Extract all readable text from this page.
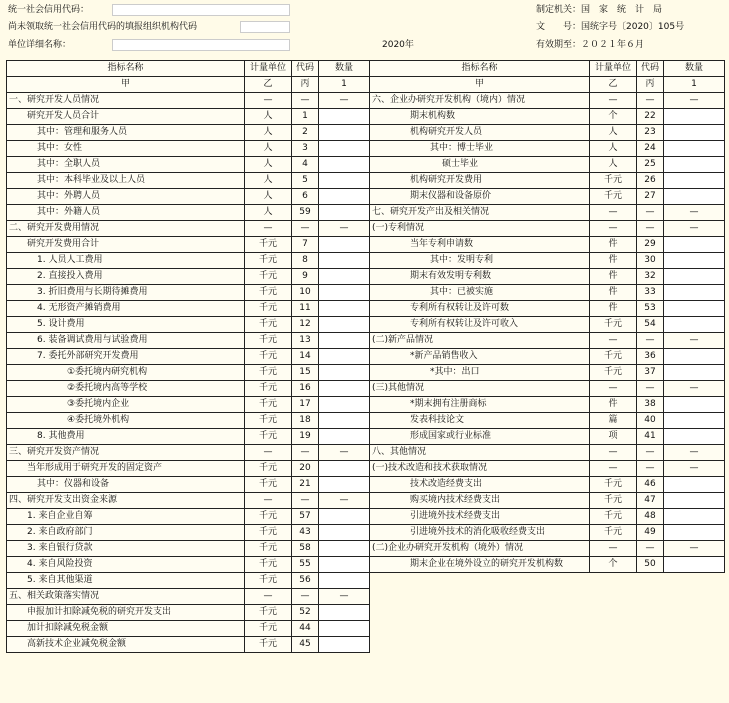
统一社会信用代码：
尚未领取统一社会信用代码的填报组织机构代码
单位详细名称：	2020年
制定机关：国　家　统　计　局
文　　号：国统字号〔2020〕105号
有效期至：２０２１年６月
指标名称	计量单位	代码	数量
甲	乙	丙	1
一、研究开发人员情况	—	—	—
研究开发人员合计	人	1	
其中：管理和服务人员	人	2	
其中：女性	人	3	
其中：全职人员	人	4	
其中：本科毕业及以上人员	人	5	
其中：外聘人员	人	6	
其中：外籍人员	人	59	
二、研究开发费用情况	—	—	—
研究开发费用合计	千元	7	
1. 人员人工费用	千元	8	
2. 直接投入费用	千元	9	
3. 折旧费用与长期待摊费用	千元	10	
4. 无形资产摊销费用	千元	11	
5. 设计费用	千元	12	
6. 装备调试费用与试验费用	千元	13	
7. 委托外部研究开发费用	千元	14	
①委托境内研究机构	千元	15	
②委托境内高等学校	千元	16	
③委托境内企业	千元	17	
④委托境外机构	千元	18	
8. 其他费用	千元	19	
三、研究开发资产情况	—	—	—
当年形成用于研究开发的固定资产	千元	20	
其中：仪器和设备	千元	21	
四、研究开发支出资金来源	—	—	—
1. 来自企业自筹	千元	57	
2. 来自政府部门	千元	43	
3. 来自银行贷款	千元	58	
4. 来自风险投资	千元	55	
5. 来自其他渠道	千元	56	
五、相关政策落实情况	—	—	—
申报加计扣除减免税的研究开发支出	千元	52	
加计扣除减免税金额	千元	44	
高新技术企业减免税金额	千元	45	
指标名称	计量单位	代码	数量
甲	乙	丙	1
六、企业办研究开发机构（境内）情况	—	—	—
期末机构数	个	22	
机构研究开发人员	人	23	
其中：博士毕业	人	24	
硕士毕业	人	25	
机构研究开发费用	千元	26	
期末仪器和设备原价	千元	27	
七、研究开发产出及相关情况	—	—	—
(一)专利情况	—	—	—
当年专利申请数	件	29	
其中：发明专利	件	30	
期末有效发明专利数	件	32	
其中：已被实施	件	33	
专利所有权转让及许可数	件	53	
专利所有权转让及许可收入	千元	54	
(二)新产品情况	—	—	—
*新产品销售收入	千元	36	
*其中：出口	千元	37	
(三)其他情况	—	—	—
*期末拥有注册商标	件	38	
发表科技论文	篇	40	
形成国家或行业标准	项	41	
八、其他情况	—	—	—
(一)技术改造和技术获取情况	—	—	—
技术改造经费支出	千元	46	
购买境内技术经费支出	千元	47	
引进境外技术经费支出	千元	48	
引进境外技术的消化吸收经费支出	千元	49	
(二)企业办研究开发机构（境外）情况	—	—	—
期末企业在境外设立的研究开发机构数	个	50	
